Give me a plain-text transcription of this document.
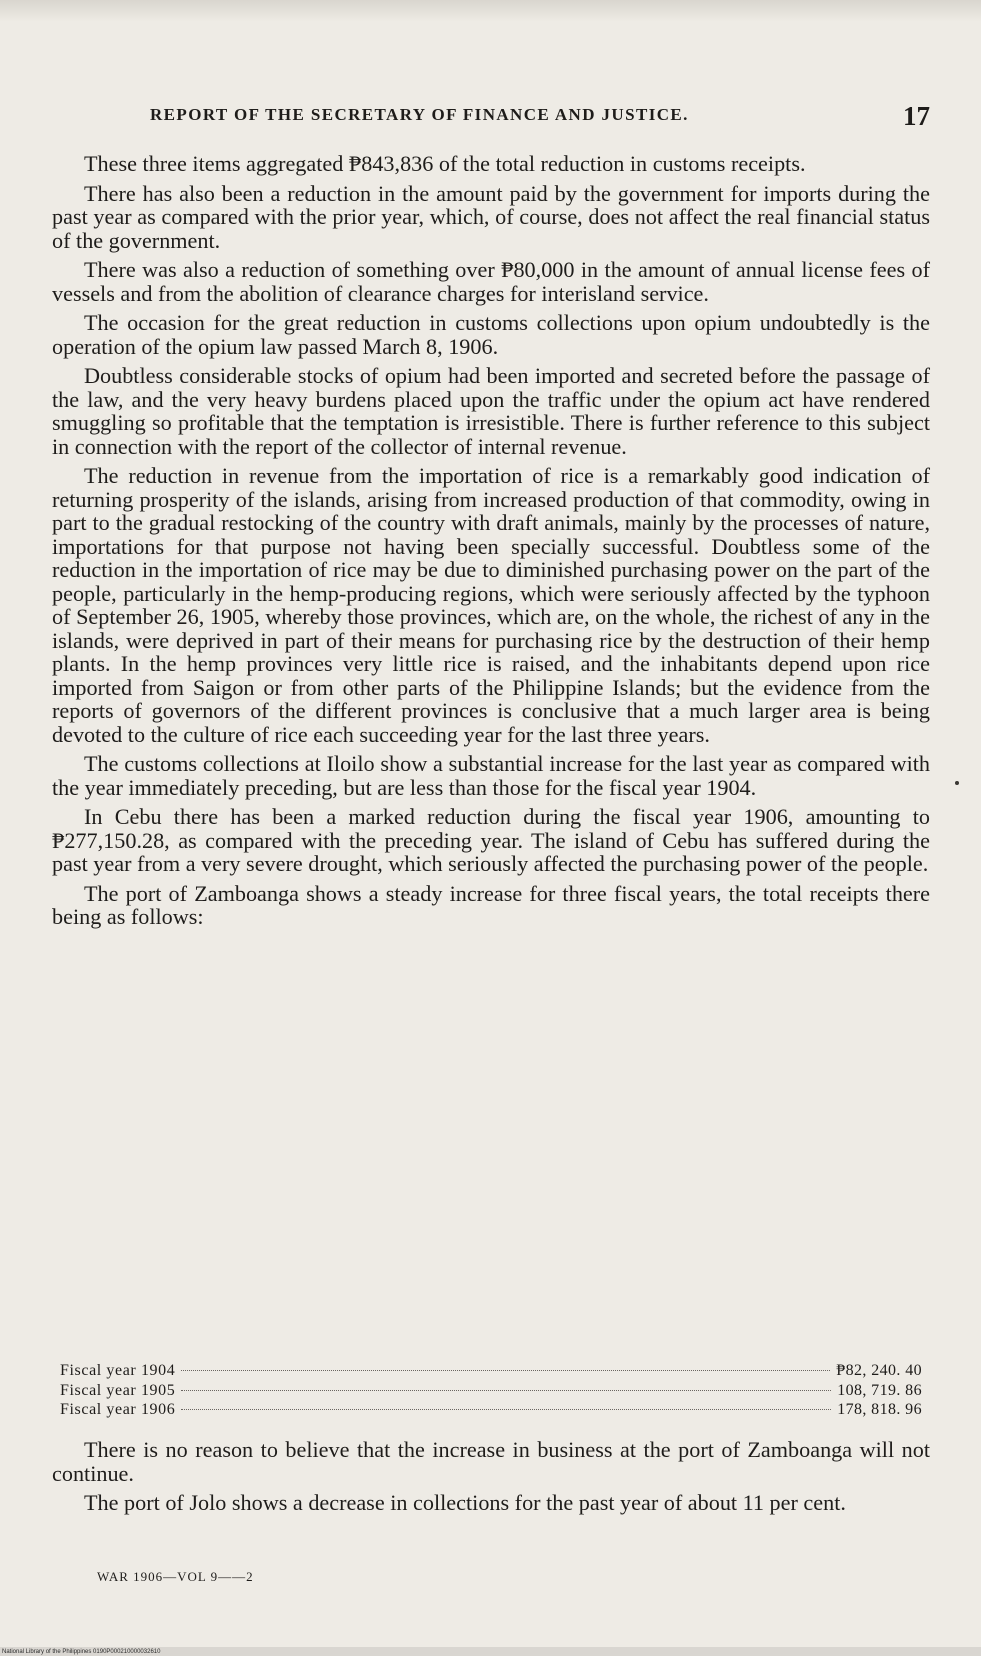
REPORT OF THE SECRETARY OF FINANCE AND JUSTICE.	17

These three items aggregated ₱843,836 of the total reduction in customs receipts.

There has also been a reduction in the amount paid by the government for imports during the past year as compared with the prior year, which, of course, does not affect the real financial status of the government.

There was also a reduction of something over ₱80,000 in the amount of annual license fees of vessels and from the abolition of clearance charges for interisland service.

The occasion for the great reduction in customs collections upon opium undoubtedly is the operation of the opium law passed March 8, 1906.

Doubtless considerable stocks of opium had been imported and secreted before the passage of the law, and the very heavy burdens placed upon the traffic under the opium act have rendered smuggling so profitable that the temptation is irresistible. There is further reference to this subject in connection with the report of the collector of internal revenue.

The reduction in revenue from the importation of rice is a remarkably good indication of returning prosperity of the islands, arising from increased production of that commodity, owing in part to the gradual restocking of the country with draft animals, mainly by the processes of nature, importations for that purpose not having been specially successful. Doubtless some of the reduction in the importation of rice may be due to diminished purchasing power on the part of the people, particularly in the hemp-producing regions, which were seriously affected by the typhoon of September 26, 1905, whereby those provinces, which are, on the whole, the richest of any in the islands, were deprived in part of their means for purchasing rice by the destruction of their hemp plants. In the hemp provinces very little rice is raised, and the inhabitants depend upon rice imported from Saigon or from other parts of the Philippine Islands; but the evidence from the reports of governors of the different provinces is conclusive that a much larger area is being devoted to the culture of rice each succeeding year for the last three years.

The customs collections at Iloilo show a substantial increase for the last year as compared with the year immediately preceding, but are less than those for the fiscal year 1904.

In Cebu there has been a marked reduction during the fiscal year 1906, amounting to ₱277,150.28, as compared with the preceding year. The island of Cebu has suffered during the past year from a very severe drought, which seriously affected the purchasing power of the people.

The port of Zamboanga shows a steady increase for three fiscal years, the total receipts there being as follows:

Fiscal year 1904	₱82, 240. 40
Fiscal year 1905	108, 719. 86
Fiscal year 1906	178, 818. 96

There is no reason to believe that the increase in business at the port of Zamboanga will not continue.

The port of Jolo shows a decrease in collections for the past year of about 11 per cent.

WAR 1906—VOL 9——2
National Library of the Philippines 0190P000210000032610
